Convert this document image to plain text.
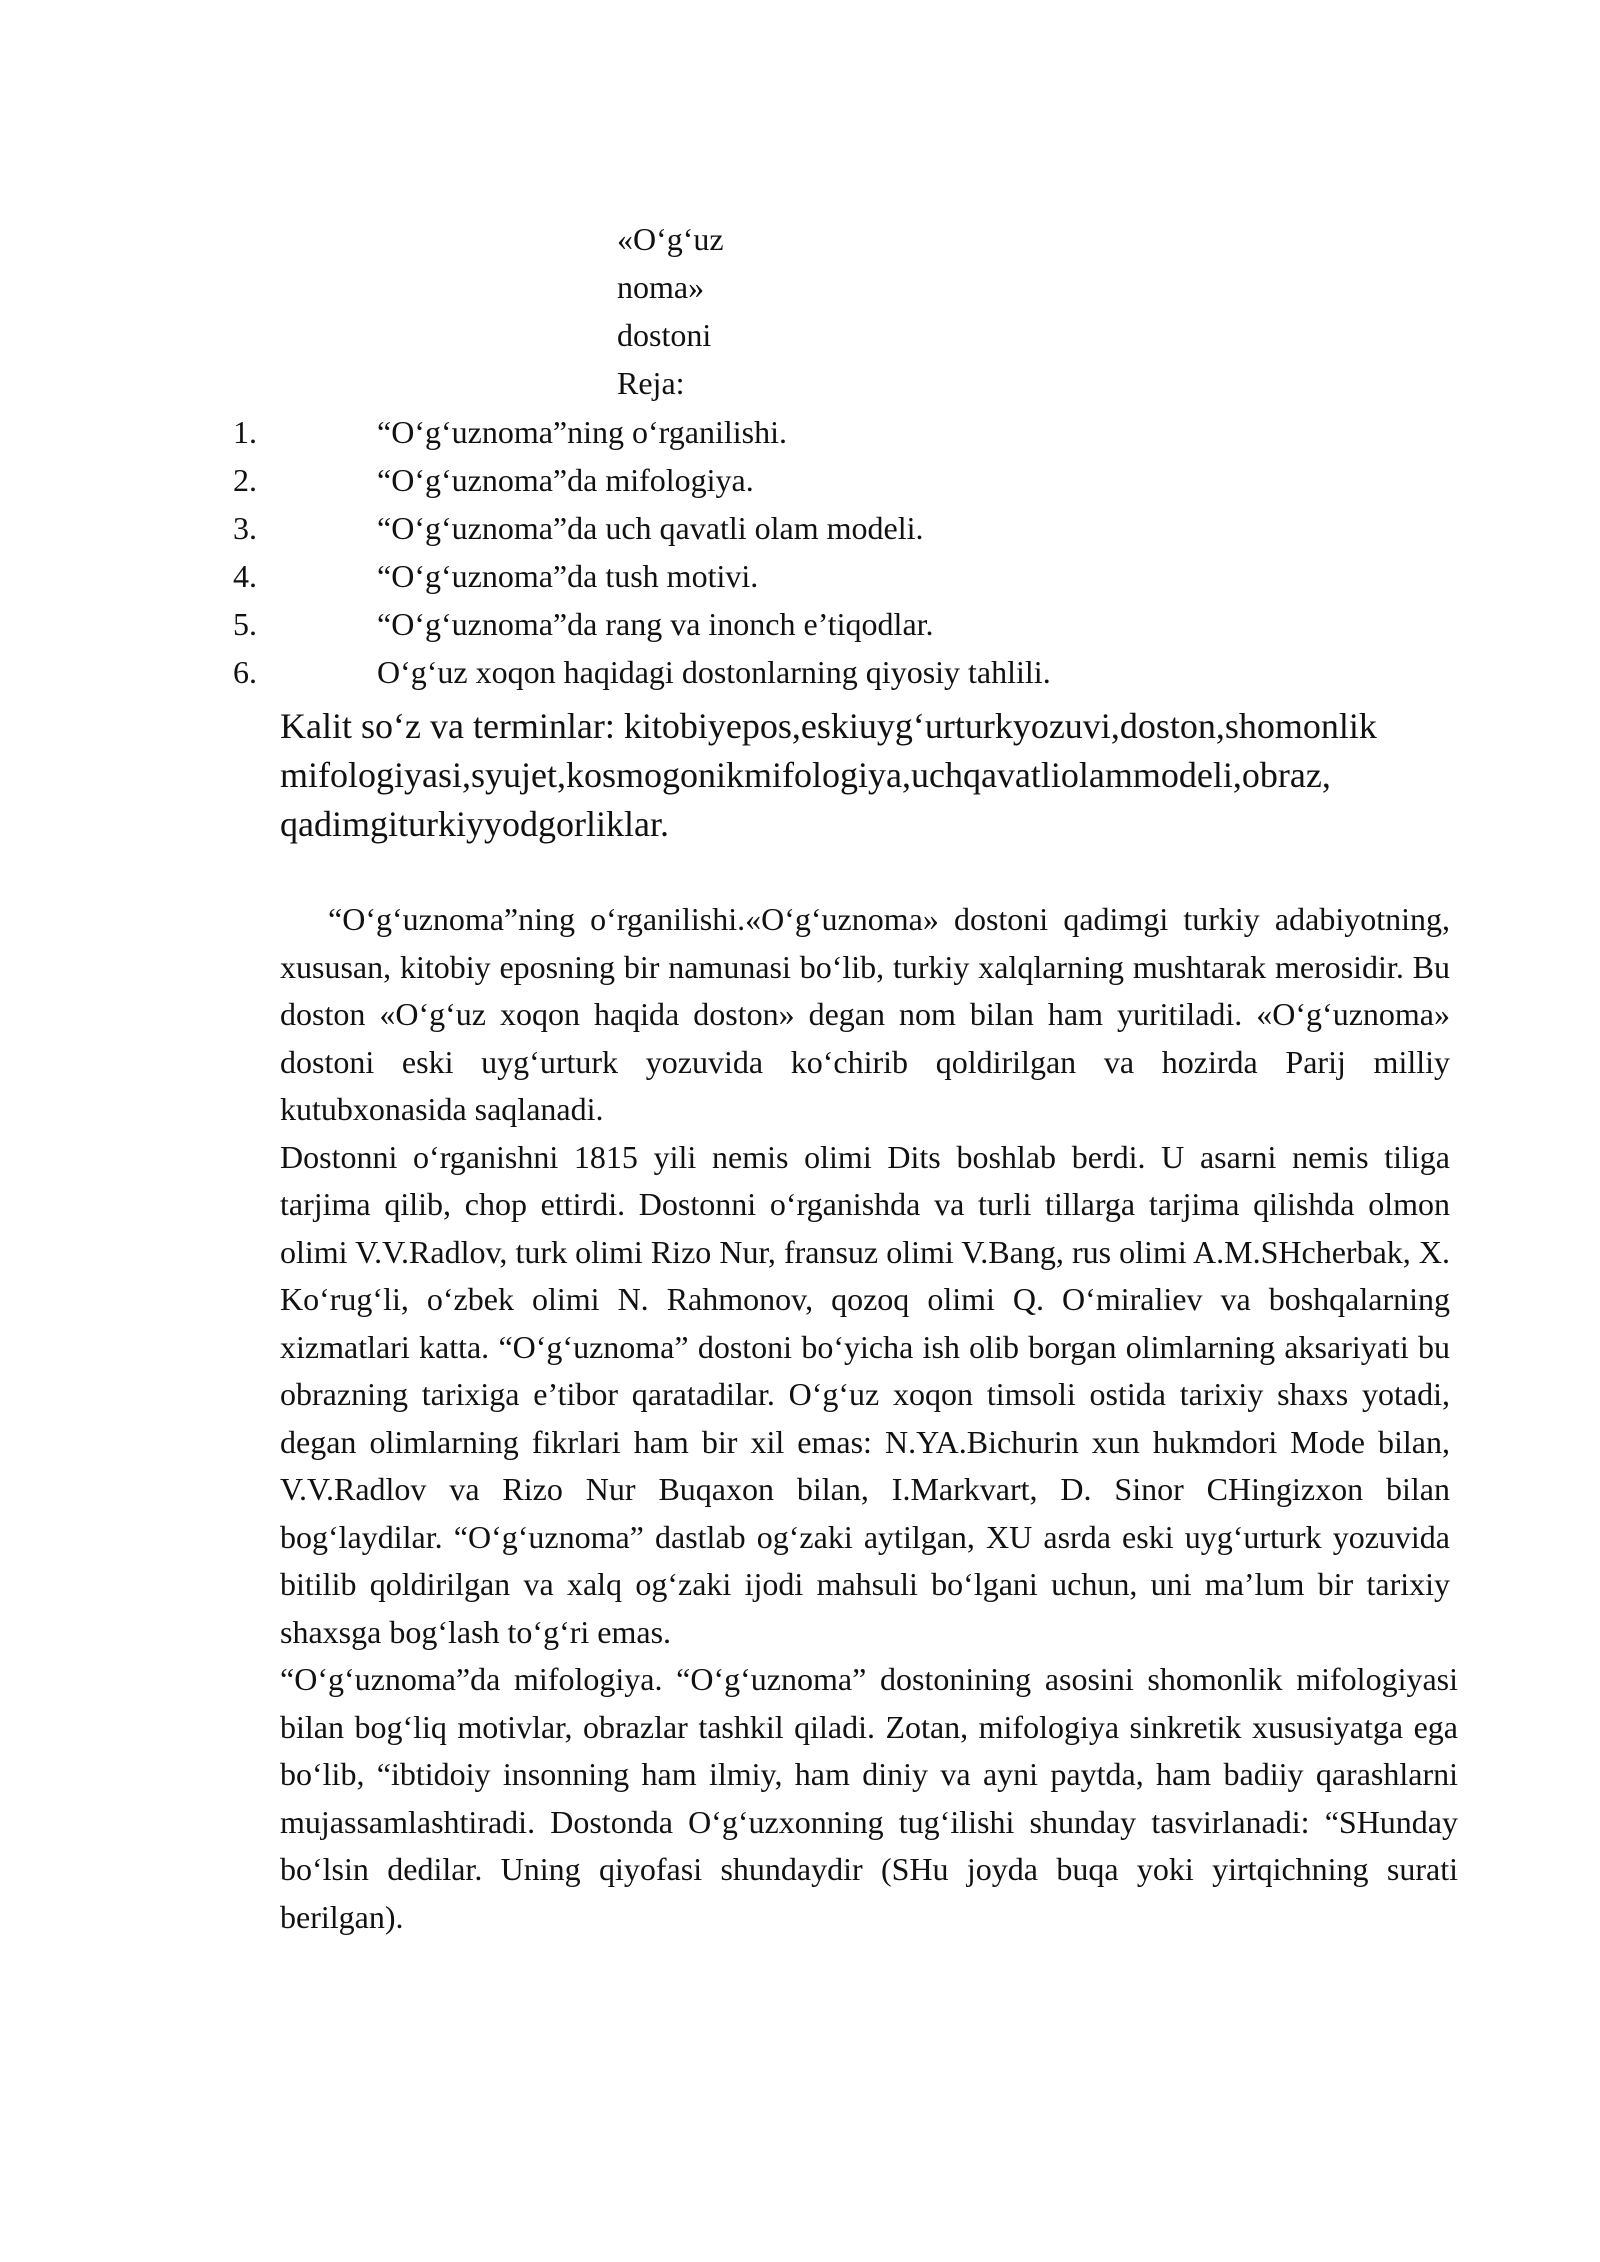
«O‘g‘uz
noma»
dostoni
Reja:
1.	“O‘g‘uznoma”ning o‘rganilishi.
2.	“O‘g‘uznoma”da mifologiya.
3.	“O‘g‘uznoma”da uch qavatli olam modeli.
4.	“O‘g‘uznoma”da tush motivi.
5.	“O‘g‘uznoma”da rang va inonch e’tiqodlar.
6.	O‘g‘uz xoqon haqidagi dostonlarning qiyosiy tahlili.
Kalit so‘z va terminlar: kitobiyepos,eskiuyg‘urturkyozuvi,doston,shomonlik
mifologiyasi,syujet,kosmogonikmifologiya,uchqavatliolammodeli,obraz,
qadimgiturkiyyodgorliklar.

“O‘g‘uznoma”ning o‘rganilishi.«O‘g‘uznoma» dostoni qadimgi turkiy adabiyotning, xususan, kitobiy eposning bir namunasi bo‘lib, turkiy xalqlarning mushtarak merosidir. Bu doston «O‘g‘uz xoqon haqida doston» degan nom bilan ham yuritiladi. «O‘g‘uznoma» dostoni eski uyg‘urturk yozuvida ko‘chirib qoldirilgan va hozirda Parij milliy kutubxonasida saqlanadi.

Dostonni o‘rganishni 1815 yili nemis olimi Dits boshlab berdi. U asarni nemis tiliga tarjima qilib, chop ettirdi. Dostonni o‘rganishda va turli tillarga tarjima qilishda olmon olimi V.V.Radlov, turk olimi Rizo Nur, fransuz olimi V.Bang, rus olimi A.M.SHcherbak, X. Ko‘rug‘li, o‘zbek olimi N. Rahmonov, qozoq olimi Q. O‘miraliev va boshqalarning xizmatlari katta. “O‘g‘uznoma” dostoni bo‘yicha ish olib borgan olimlarning aksariyati bu obrazning tarixiga e’tibor qaratadilar. O‘g‘uz xoqon timsoli ostida tarixiy shaxs yotadi, degan olimlarning fikrlari ham bir xil emas: N.YA.Bichurin xun hukmdori Mode bilan, V.V.Radlov va Rizo Nur Buqaxon bilan, I.Markvart, D. Sinor CHingizxon bilan bog‘laydilar. “O‘g‘uznoma” dastlab og‘zaki aytilgan, XU asrda eski uyg‘urturk yozuvida bitilib qoldirilgan va xalq og‘zaki ijodi mahsuli bo‘lgani uchun, uni ma’lum bir tarixiy shaxsga bog‘lash to‘g‘ri emas.

“O‘g‘uznoma”da mifologiya. “O‘g‘uznoma” dostonining asosini shomonlik mifologiyasi bilan bog‘liq motivlar, obrazlar tashkil qiladi. Zotan, mifologiya sinkretik xususiyatga ega bo‘lib, “ibtidoiy insonning ham ilmiy, ham diniy va ayni paytda, ham badiiy qarashlarni mujassamlashtiradi. Dostonda O‘g‘uzxonning tug‘ilishi shunday tasvirlanadi: “SHunday bo‘lsin dedilar. Uning qiyofasi shundaydir (SHu joyda buqa yoki yirtqichning surati berilgan).
